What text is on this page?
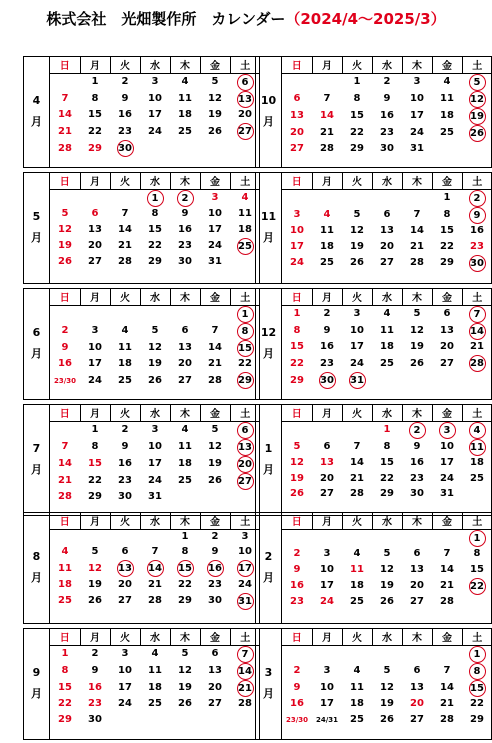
株式会社　光畑製作所　カレンダー（2024/4～2025/3）
4
月
日	月	火	水	木	金	土
	1	2	3	4	5	6
7	8	9	10	11	12	13
14	15	16	17	18	19	20
21	22	23	24	25	26	27
28	29	30				

5
月
日	月	火	水	木	金	土
			1	2	3	4
5	6	7	8	9	10	11
12	13	14	15	16	17	18
19	20	21	22	23	24	25
26	27	28	29	30	31	

6
月
日	月	火	水	木	金	土
						1
2	3	4	5	6	7	8
9	10	11	12	13	14	15
16	17	18	19	20	21	22
23/30	24	25	26	27	28	29

7
月
日	月	火	水	木	金	土
	1	2	3	4	5	6
7	8	9	10	11	12	13
14	15	16	17	18	19	20
21	22	23	24	25	26	27
28	29	30	31			

8
月
日	月	火	水	木	金	土
				1	2	3
4	5	6	7	8	9	10
11	12	13	14	15	16	17
18	19	20	21	22	23	24
25	26	27	28	29	30	31

9
月
日	月	火	水	木	金	土
1	2	3	4	5	6	7
8	9	10	11	12	13	14
15	16	17	18	19	20	21
22	23	24	25	26	27	28
29	30					

10
月
日	月	火	水	木	金	土
		1	2	3	4	5
6	7	8	9	10	11	12
13	14	15	16	17	18	19
20	21	22	23	24	25	26
27	28	29	30	31		

11
月
日	月	火	水	木	金	土
					1	2
3	4	5	6	7	8	9
10	11	12	13	14	15	16
17	18	19	20	21	22	23
24	25	26	27	28	29	30

12
月
日	月	火	水	木	金	土
1	2	3	4	5	6	7
8	9	10	11	12	13	14
15	16	17	18	19	20	21
22	23	24	25	26	27	28
29	30	31				

1
月
日	月	火	水	木	金	土
			1	2	3	4
5	6	7	8	9	10	11
12	13	14	15	16	17	18
19	20	21	22	23	24	25
26	27	28	29	30	31	

2
月
日	月	火	水	木	金	土
						1
2	3	4	5	6	7	8
9	10	11	12	13	14	15
16	17	18	19	20	21	22
23	24	25	26	27	28	

3
月
日	月	火	水	木	金	土
						1
2	3	4	5	6	7	8
9	10	11	12	13	14	15
16	17	18	19	20	21	22
23/30	24/31	25	26	27	28	29
